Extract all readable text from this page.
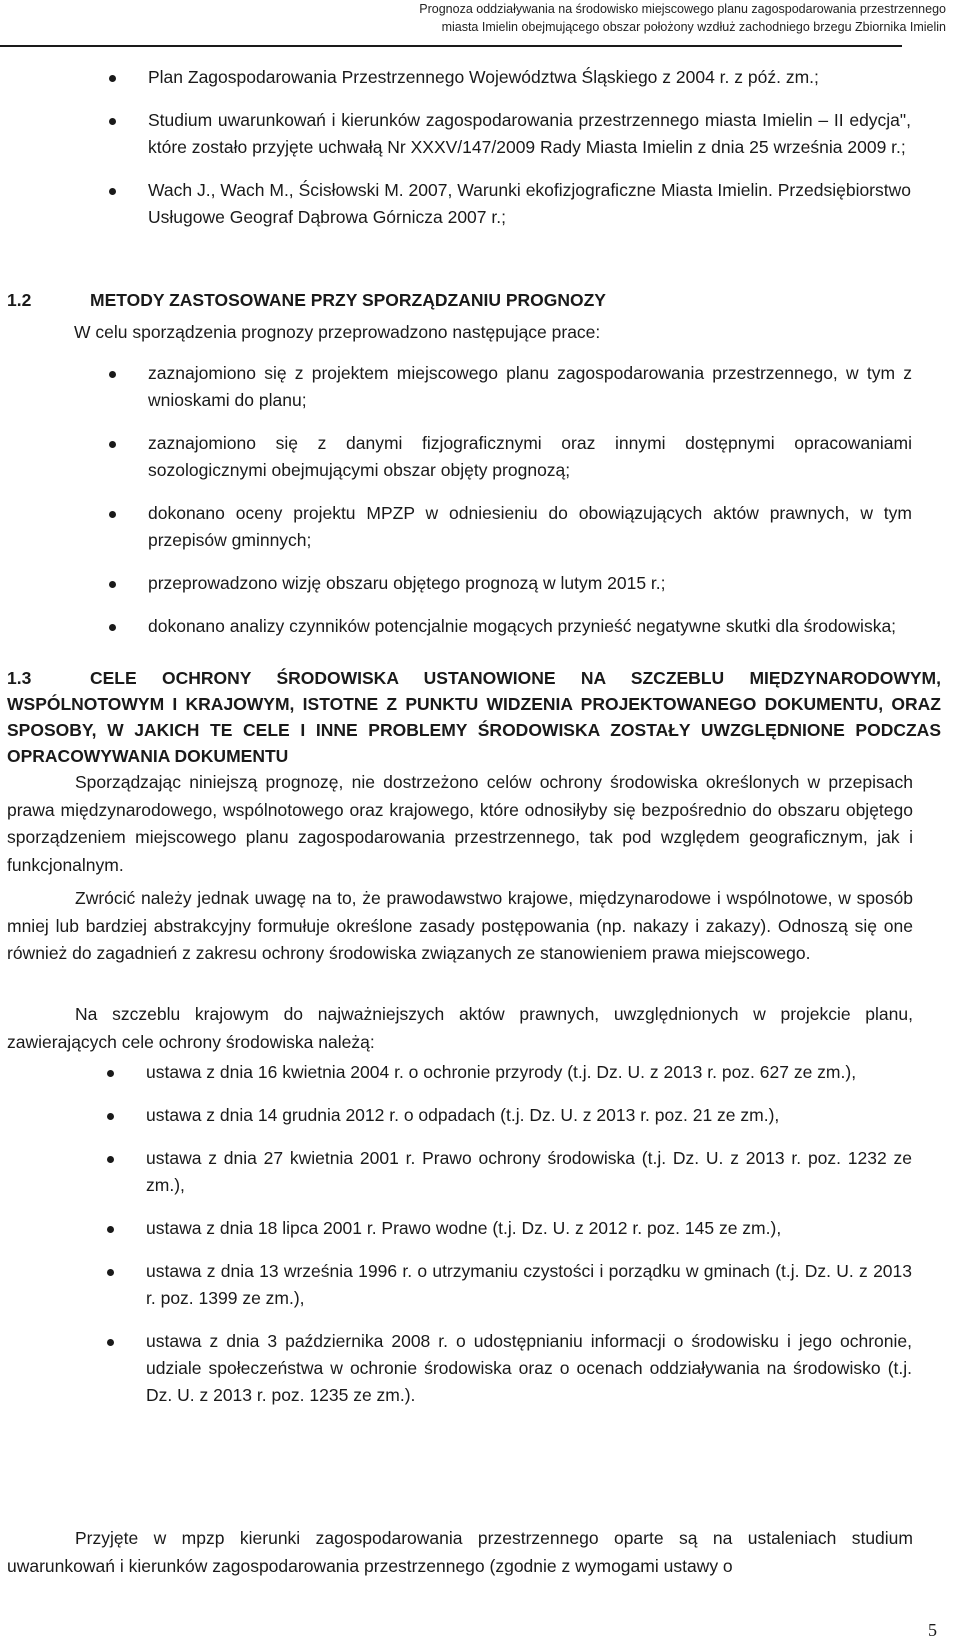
Prognoza oddziaływania na środowisko miejscowego planu zagospodarowania przestrzennego
miasta Imielin obejmującego obszar położony wzdłuż zachodniego brzegu Zbiornika Imielin
Plan Zagospodarowania Przestrzennego Województwa Śląskiego z 2004 r. z póź. zm.;
Studium uwarunkowań i kierunków zagospodarowania przestrzennego miasta Imielin – II edycja", które zostało przyjęte uchwałą Nr XXXV/147/2009 Rady Miasta Imielin z dnia 25 września 2009 r.;
Wach J., Wach M., Ścisłowski M. 2007, Warunki ekofizjograficzne Miasta Imielin. Przedsiębiorstwo Usługowe Geograf Dąbrowa Górnicza 2007 r.;
1.2	METODY ZASTOSOWANE PRZY SPORZĄDZANIU PROGNOZY

W celu sporządzenia prognozy przeprowadzono następujące prace:

zaznajomiono się z projektem miejscowego planu zagospodarowania przestrzennego, w tym z wnioskami do planu;
zaznajomiono się z danymi fizjograficznymi oraz innymi dostępnymi opracowaniami sozologicznymi obejmującymi obszar objęty prognozą;
dokonano oceny projektu MPZP w odniesieniu do obowiązujących aktów prawnych, w tym przepisów gminnych;
przeprowadzono wizję obszaru objętego prognozą w lutym 2015 r.;
dokonano analizy czynników potencjalnie mogących przynieść negatywne skutki dla środowiska;
1.3	CELE OCHRONY ŚRODOWISKA USTANOWIONE NA SZCZEBLU MIĘDZYNARODOWYM, WSPÓLNOTOWYM I KRAJOWYM, ISTOTNE Z PUNKTU WIDZENIA PROJEKTOWANEGO DOKUMENTU, ORAZ SPOSOBY, W JAKICH TE CELE I INNE PROBLEMY ŚRODOWISKA ZOSTAŁY UWZGLĘDNIONE PODCZAS OPRACOWYWANIA DOKUMENTU

Sporządzając niniejszą prognozę, nie dostrzeżono celów ochrony środowiska określonych w przepisach prawa międzynarodowego, wspólnotowego oraz krajowego, które odnosiłyby się bezpośrednio do obszaru objętego sporządzeniem miejscowego planu zagospodarowania przestrzennego, tak pod względem geograficznym, jak i funkcjonalnym.

Zwrócić należy jednak uwagę na to, że prawodawstwo krajowe, międzynarodowe i wspólnotowe, w sposób mniej lub bardziej abstrakcyjny formułuje określone zasady postępowania (np. nakazy i zakazy). Odnoszą się one również do zagadnień z zakresu ochrony środowiska związanych ze stanowieniem prawa miejscowego.

Na szczeblu krajowym do najważniejszych aktów prawnych, uwzględnionych w projekcie planu, zawierających cele ochrony środowiska należą:

ustawa z dnia 16 kwietnia 2004 r. o ochronie przyrody (t.j. Dz. U. z 2013 r. poz. 627 ze zm.),
ustawa z dnia 14 grudnia 2012 r. o odpadach (t.j. Dz. U. z 2013 r. poz. 21 ze zm.),
ustawa z dnia 27 kwietnia 2001 r. Prawo ochrony środowiska (t.j. Dz. U. z 2013 r. poz. 1232 ze zm.),
ustawa z dnia 18 lipca 2001 r. Prawo wodne (t.j. Dz. U. z 2012 r. poz. 145 ze zm.),
ustawa z dnia 13 września 1996 r. o utrzymaniu czystości i porządku w gminach (t.j. Dz. U. z 2013 r. poz. 1399 ze zm.),
ustawa z dnia 3 października 2008 r. o udostępnianiu informacji o środowisku i jego ochronie, udziale społeczeństwa w ochronie środowiska oraz o ocenach oddziaływania na środowisko (t.j. Dz. U. z 2013 r. poz. 1235 ze zm.).

Przyjęte w mpzp kierunki zagospodarowania przestrzennego oparte są na ustaleniach studium uwarunkowań i kierunków zagospodarowania przestrzennego (zgodnie z wymogami ustawy o

5
